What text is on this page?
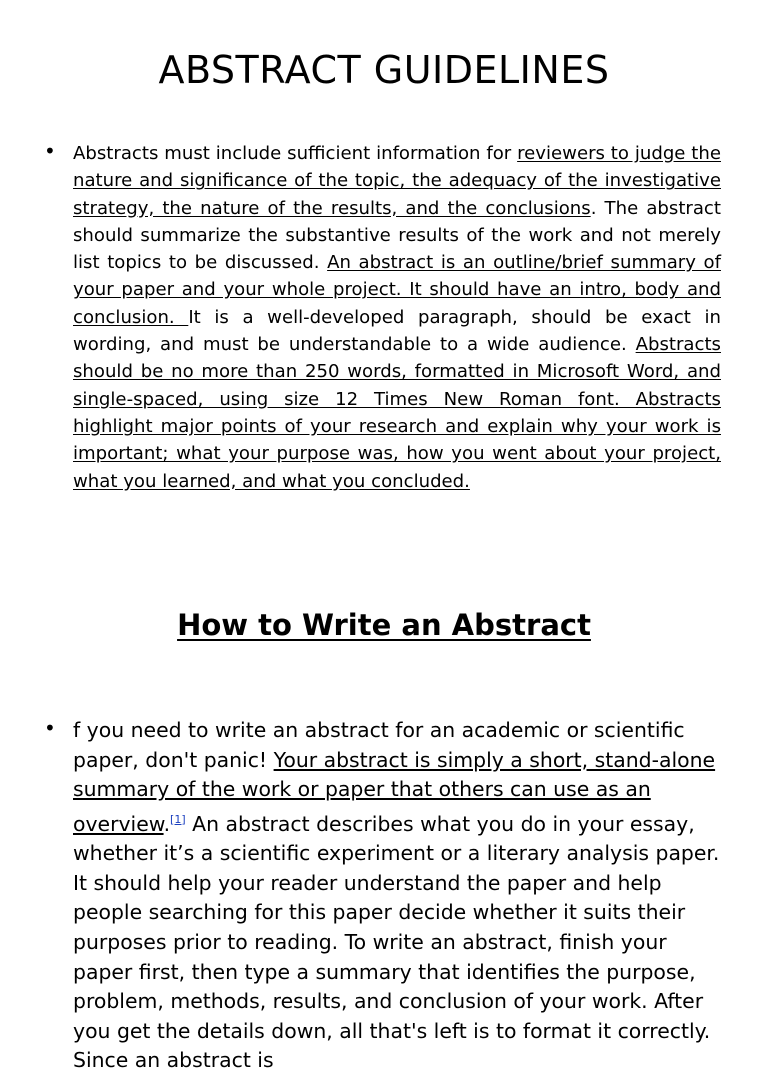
ABSTRACT GUIDELINES
• Abstracts must include sufficient information for reviewers to judge the nature and significance of the topic, the adequacy of the investigative strategy, the nature of the results, and the conclusions. The abstract should summarize the substantive results of the work and not merely list topics to be discussed. An abstract is an outline/brief summary of your paper and your whole project. It should have an intro, body and conclusion. It is a well-developed paragraph, should be exact in wording, and must be understandable to a wide audience. Abstracts should be no more than 250 words, formatted in Microsoft Word, and single-spaced, using size 12 Times New Roman font. Abstracts highlight major points of your research and explain why your work is important; what your purpose was, how you went about your project, what you learned, and what you concluded.
How to Write an Abstract
• f you need to write an abstract for an academic or scientific paper, don't panic! Your abstract is simply a short, stand-alone summary of the work or paper that others can use as an overview.[1] An abstract describes what you do in your essay, whether it’s a scientific experiment or a literary analysis paper. It should help your reader understand the paper and help people searching for this paper decide whether it suits their purposes prior to reading. To write an abstract, finish your paper first, then type a summary that identifies the purpose, problem, methods, results, and conclusion of your work. After you get the details down, all that's left is to format it correctly. Since an abstract is
